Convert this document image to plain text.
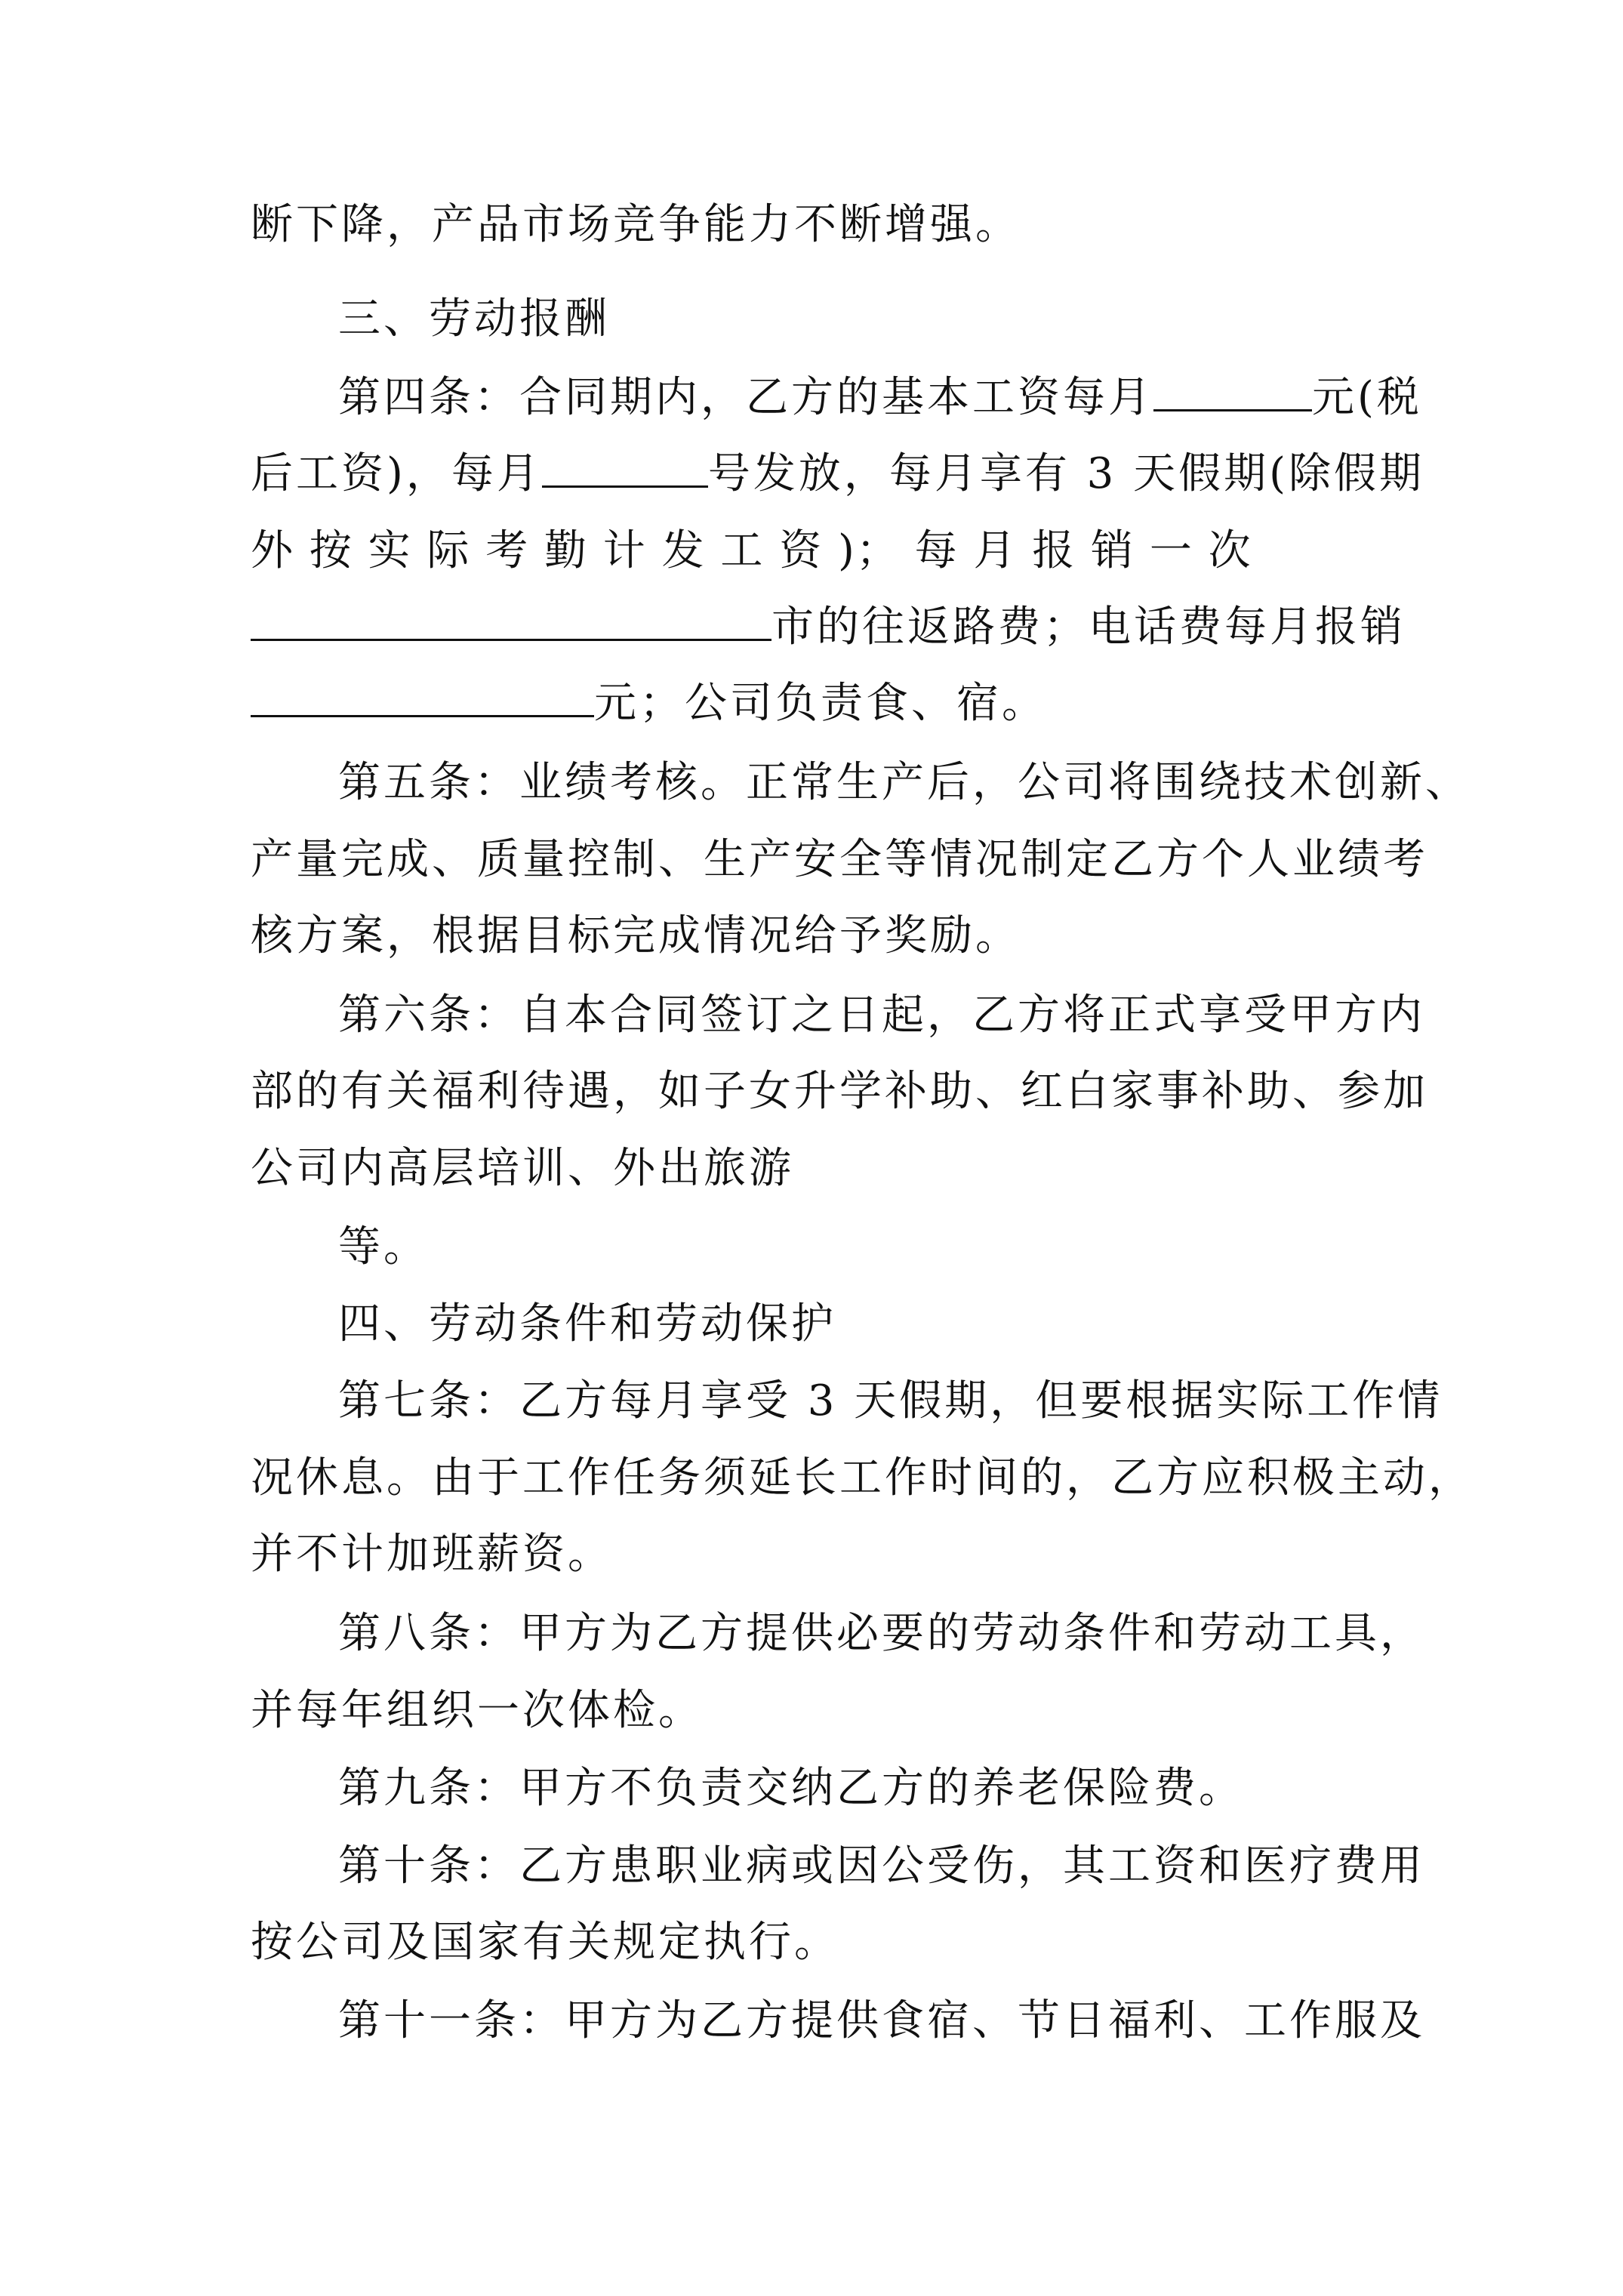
断下降，产品市场竞争能力不断增强。
三、劳动报酬
第四条：合同期内，乙方的基本工资每月	元(税
后工资)，每月	号发放，每月享有 3 天假期(除假期
外 按 实 际 考 勤 计 发 工 资 )； 每 月 报 销 一 次
市的往返路费；电话费每月报销
元；公司负责食、宿。
第五条：业绩考核。正常生产后，公司将围绕技术创新、
产量完成、质量控制、生产安全等情况制定乙方个人业绩考
核方案，根据目标完成情况给予奖励。
第六条：自本合同签订之日起，乙方将正式享受甲方内
部的有关福利待遇，如子女升学补助、红白家事补助、参加
公司内高层培训、外出旅游
等。
四、劳动条件和劳动保护
第七条：乙方每月享受 3 天假期，但要根据实际工作情
况休息。由于工作任务须延长工作时间的，乙方应积极主动，
并不计加班薪资。
第八条：甲方为乙方提供必要的劳动条件和劳动工具，
并每年组织一次体检。
第九条：甲方不负责交纳乙方的养老保险费。
第十条：乙方患职业病或因公受伤，其工资和医疗费用
按公司及国家有关规定执行。
第十一条：甲方为乙方提供食宿、节日福利、工作服及
